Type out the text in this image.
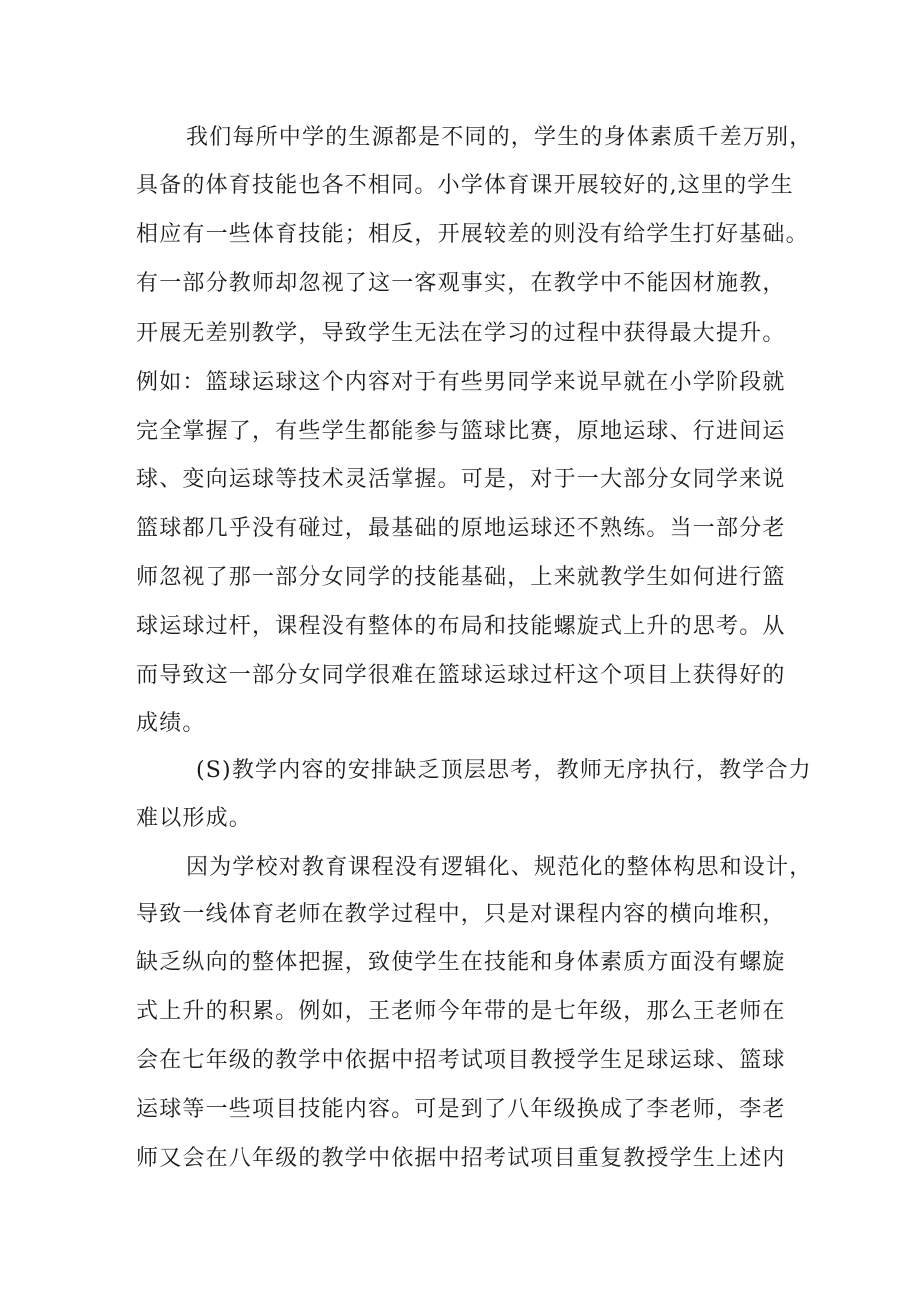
我们每所中学的生源都是不同的，学生的身体素质千差万别，
具备的体育技能也各不相同。小学体育课开展较好的,这里的学生
相应有一些体育技能；相反，开展较差的则没有给学生打好基础。
有一部分教师却忽视了这一客观事实，在教学中不能因材施教，
开展无差别教学，导致学生无法在学习的过程中获得最大提升。
例如：篮球运球这个内容对于有些男同学来说早就在小学阶段就
完全掌握了，有些学生都能参与篮球比赛，原地运球、行进间运
球、变向运球等技术灵活掌握。可是，对于一大部分女同学来说
篮球都几乎没有碰过，最基础的原地运球还不熟练。当一部分老
师忽视了那一部分女同学的技能基础，上来就教学生如何进行篮
球运球过杆，课程没有整体的布局和技能螺旋式上升的思考。从
而导致这一部分女同学很难在篮球运球过杆这个项目上获得好的
成绩。
(S)教学内容的安排缺乏顶层思考，教师无序执行，教学合力
难以形成。
因为学校对教育课程没有逻辑化、规范化的整体构思和设计，
导致一线体育老师在教学过程中，只是对课程内容的横向堆积，
缺乏纵向的整体把握，致使学生在技能和身体素质方面没有螺旋
式上升的积累。例如，王老师今年带的是七年级，那么王老师在
会在七年级的教学中依据中招考试项目教授学生足球运球、篮球
运球等一些项目技能内容。可是到了八年级换成了李老师，李老
师又会在八年级的教学中依据中招考试项目重复教授学生上述内
